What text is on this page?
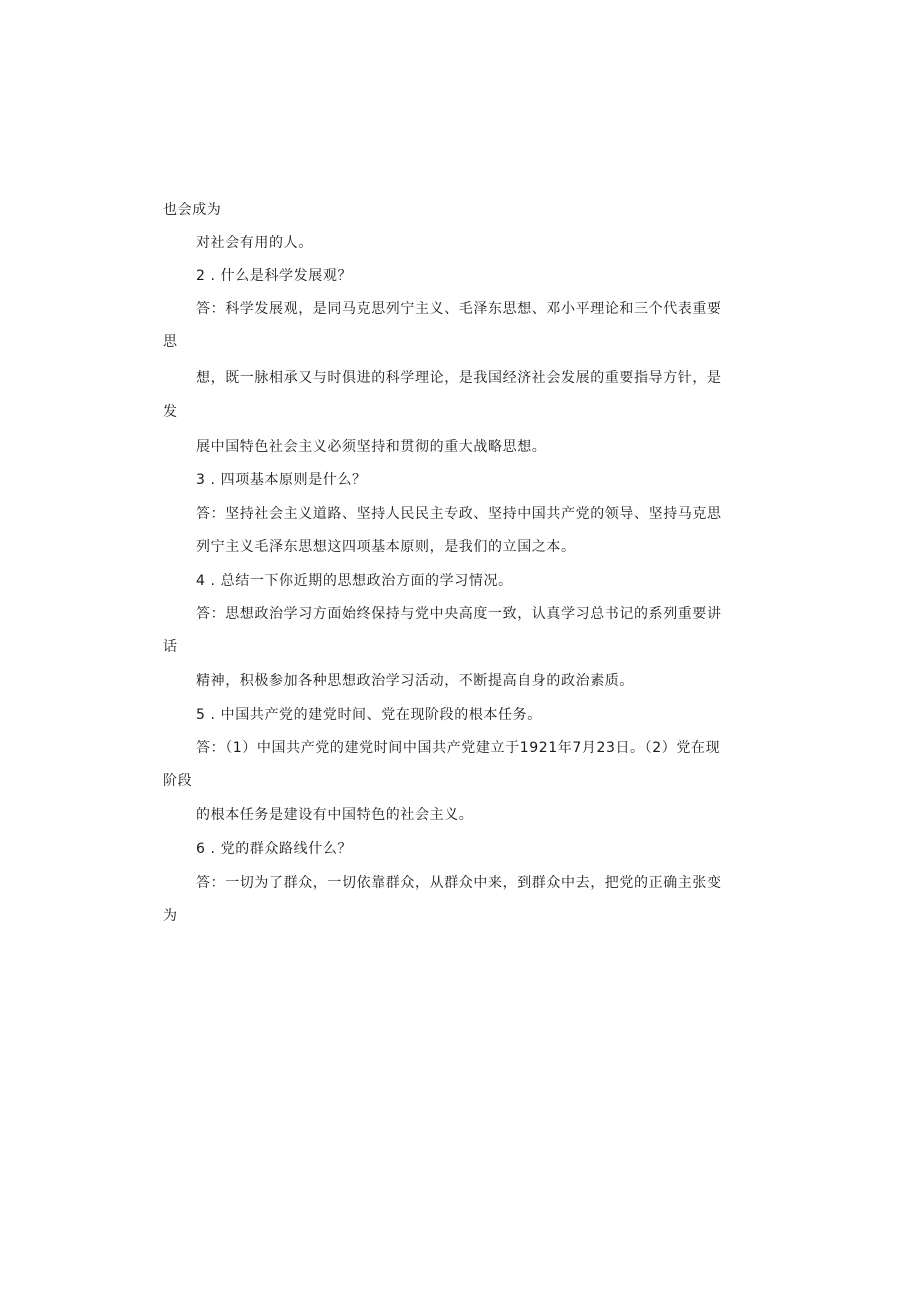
也会成为
对社会有用的人。
2 . 什么是科学发展观？
答：科学发展观，是同马克思列宁主义、毛泽东思想、邓小平理论和三个代表重要
思
想，既一脉相承又与时俱进的科学理论，是我国经济社会发展的重要指导方针，是
发
展中国特色社会主义必须坚持和贯彻的重大战略思想。
3 . 四项基本原则是什么？
答：坚持社会主义道路、坚持人民民主专政、坚持中国共产党的领导、坚持马克思
列宁主义毛泽东思想这四项基本原则，是我们的立国之本。
4 . 总结一下你近期的思想政治方面的学习情况。
答：思想政治学习方面始终保持与党中央高度一致，认真学习总书记的系列重要讲
话
精神，积极参加各种思想政治学习活动，不断提高自身的政治素质。
5 . 中国共产党的建党时间、党在现阶段的根本任务。
答：（1）中国共产党的建党时间中国共产党建立于1921年7月23日。（2）党在现
阶段
的根本任务是建设有中国特色的社会主义。
6 . 党的群众路线什么？
答：一切为了群众，一切依靠群众，从群众中来，到群众中去，把党的正确主张变
为
